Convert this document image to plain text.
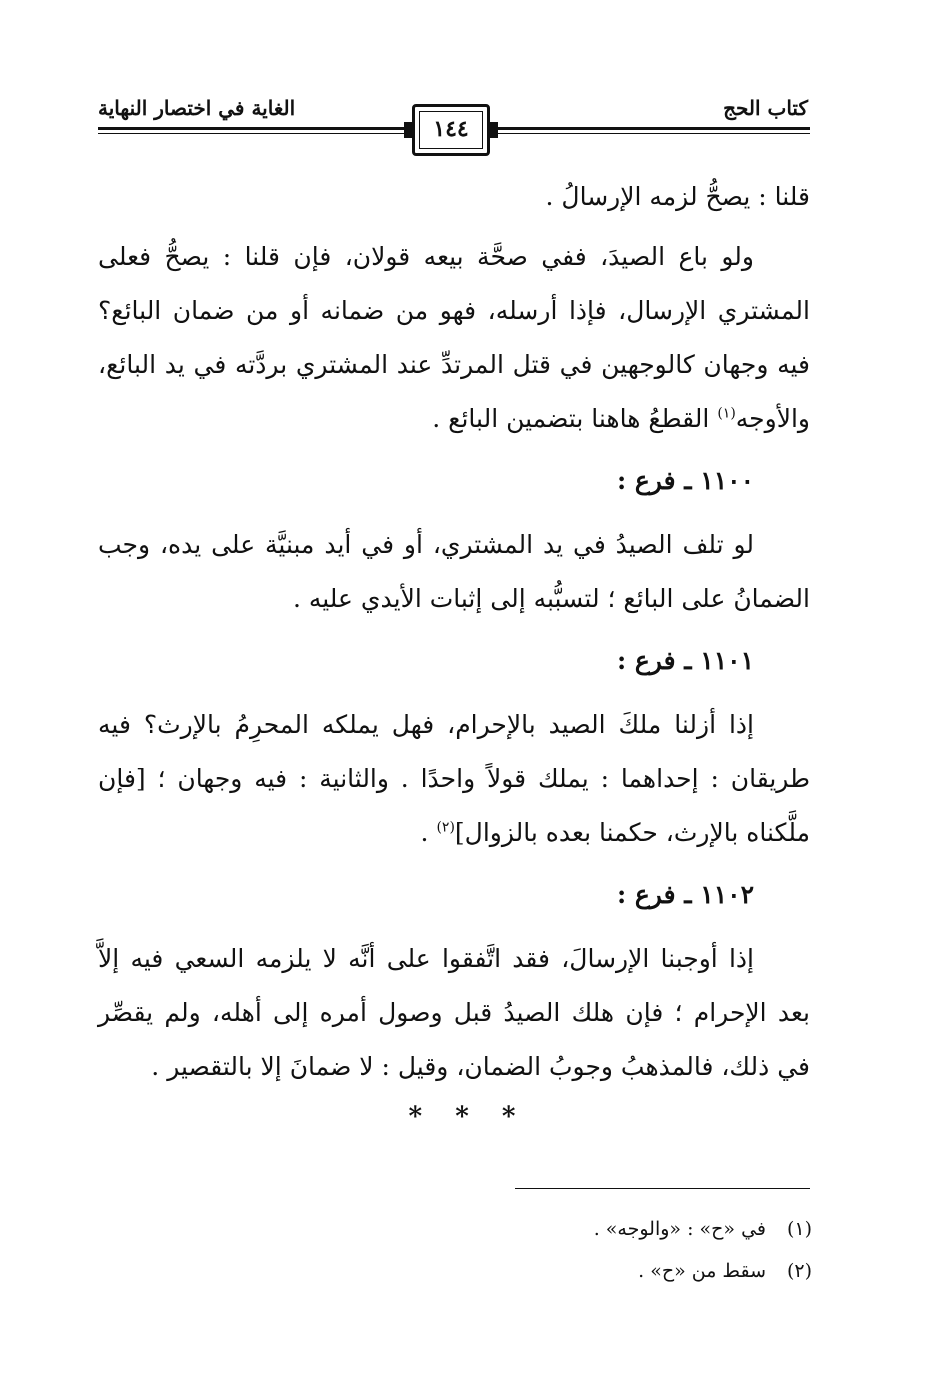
كتاب الحج
الغاية في اختصار النهاية
١٤٤

قلنا : يصحُّ لزمه الإرسالُ .

ولو باع الصيدَ، ففي صحَّة بيعه قولان، فإن قلنا : يصحُّ فعلى المشتري الإرسال، فإذا أرسله، فهو من ضمانه أو من ضمان البائع؟ فيه وجهان كالوجهين في قتل المرتدِّ عند المشتري بردَّته في يد البائع، والأوجه$^{(١)}$ القطعُ هاهنا بتضمين البائع .

١١٠٠ ـ فرع :

لو تلف الصيدُ في يد المشتري، أو في أيد مبنيَّة على يده، وجب الضمانُ على البائع ؛ لتسبُّبه إلى إثبات الأيدي عليه .

١١٠١ ـ فرع :

إذا أزلنا ملكَ الصيد بالإحرام، فهل يملكه المحرِمُ بالإرث؟ فيه طريقان : إحداهما : يملك قولاً واحدًا . والثانية : فيه وجهان ؛ [فإن ملَّكناه بالإرث، حكمنا بعده بالزوال]$^{(٢)}$ .

١١٠٢ ـ فرع :

إذا أوجبنا الإرسالَ، فقد اتَّفقوا على أنَّه لا يلزمه السعي فيه إلاَّ بعد الإحرام ؛ فإن هلك الصيدُ قبل وصول أمره إلى أهله، ولم يقصِّر في ذلك، فالمذهبُ وجوبُ الضمان، وقيل : لا ضمانَ إلا بالتقصير .

* * *
(١)في «ح» : «والوجه» .
(٢)سقط من «ح» .
